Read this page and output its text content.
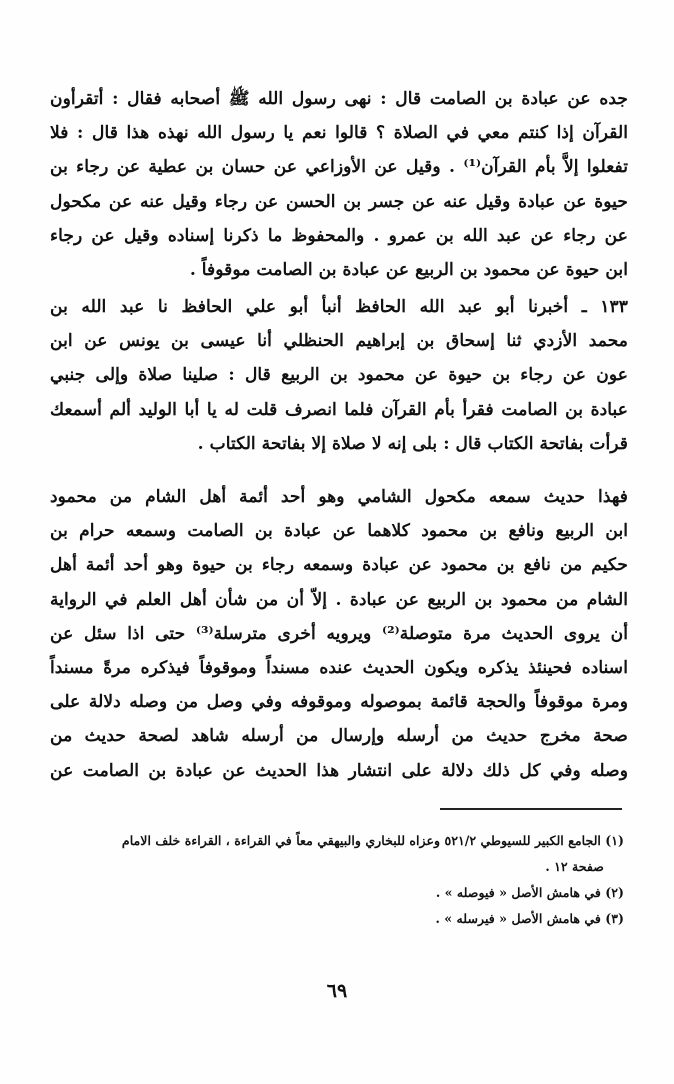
جده عن عبادة بن الصامت قال : نهى رسول الله ﷺ أصحابه فقال : أتقرأون
القرآن إذا كنتم معي في الصلاة ؟ قالوا نعم يا رسول الله نهذه هذا قال : فلا
تفعلوا إلاَّ بأم القرآن⁽¹⁾ . وقيل عن الأوزاعي عن حسان بن عطية عن رجاء بن
حيوة عن عبادة وقيل عنه عن جسر بن الحسن عن رجاء وقيل عنه عن مكحول
عن رجاء عن عبد الله بن عمرو . والمحفوظ ما ذكرنا إسناده وقيل عن رجاء
ابن حيوة عن محمود بن الربيع عن عبادة بن الصامت موقوفاً .
١٣٣ ـ أخبرنا أبو عبد الله الحافظ أنبأ أبو علي الحافظ نا عبد الله بن
محمد الأزدي ثنا إسحاق بن إبراهيم الحنظلي أنا عيسى بن يونس عن ابن
عون عن رجاء بن حيوة عن محمود بن الربيع قال : صلينا صلاة وإلى جنبي
عبادة بن الصامت فقرأ بأم القرآن فلما انصرف قلت له يا أبا الوليد ألم أسمعك
قرأت بفاتحة الكتاب قال : بلى إنه لا صلاة إلا بفاتحة الكتاب .
فهذا حديث سمعه مكحول الشامي وهو أحد أئمة أهل الشام من محمود
ابن الربيع ونافع بن محمود كلاهما عن عبادة بن الصامت وسمعه حرام بن
حكيم من نافع بن محمود عن عبادة وسمعه رجاء بن حيوة وهو أحد أئمة أهل
الشام من محمود بن الربيع عن عبادة . إلاّ أن من شأن أهل العلم في الرواية
أن يروى الحديث مرة متوصلة⁽²⁾ ويرويه أخرى مترسلة⁽³⁾ حتى اذا سئل عن
اسناده فحينئذ يذكره ويكون الحديث عنده مسنداً وموقوفاً فيذكره مرةً مسنداً
ومرة موقوفاً والحجة قائمة بموصوله وموقوفه وفي وصل من وصله دلالة على
صحة مخرج حديث من أرسله وإرسال من أرسله شاهد لصحة حديث من
وصله وفي كل ذلك دلالة على انتشار هذا الحديث عن عبادة بن الصامت عن
(١) الجامع الكبير للسيوطي ٥٢١/٢ وعزاه للبخاري والبيهقي معاً في القراءة ، القراءة خلف الامام
صفحة ١٢ .
(٢) في هامش الأصل « فيوصله » .
(٣) في هامش الأصل « فيرسله » .
٦٩
